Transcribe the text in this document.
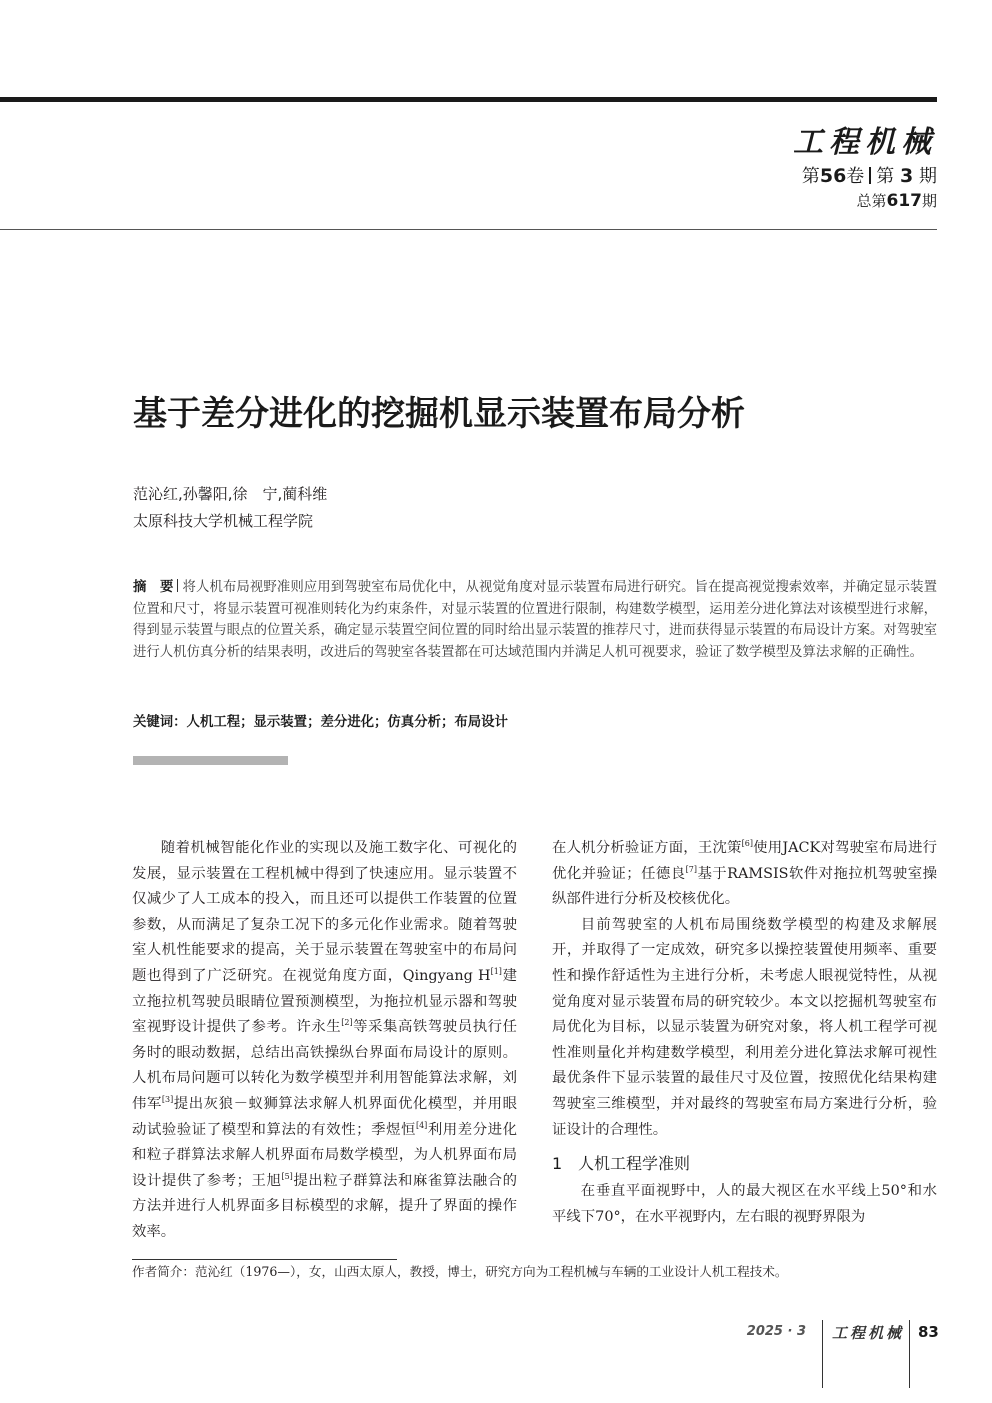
工程机械
第56卷 第 3 期
总第617期
基于差分进化的挖掘机显示装置布局分析
范沁红,孙馨阳,徐　宁,蔺科维
太原科技大学机械工程学院
摘　要 将人机布局视野准则应用到驾驶室布局优化中，从视觉角度对显示装置布局进行研究。旨在提高视觉搜索效率，并确定显示装置位置和尺寸，将显示装置可视准则转化为约束条件，对显示装置的位置进行限制，构建数学模型，运用差分进化算法对该模型进行求解，得到显示装置与眼点的位置关系，确定显示装置空间位置的同时给出显示装置的推荐尺寸，进而获得显示装置的布局设计方案。对驾驶室进行人机仿真分析的结果表明，改进后的驾驶室各装置都在可达域范围内并满足人机可视要求，验证了数学模型及算法求解的正确性。
关键词：人机工程；显示装置；差分进化；仿真分析；布局设计

随着机械智能化作业的实现以及施工数字化、可视化的发展，显示装置在工程机械中得到了快速应用。显示装置不仅减少了人工成本的投入，而且还可以提供工作装置的位置参数，从而满足了复杂工况下的多元化作业需求。随着驾驶室人机性能要求的提高，关于显示装置在驾驶室中的布局问题也得到了广泛研究。在视觉角度方面，Qingyang H[1]建立拖拉机驾驶员眼睛位置预测模型，为拖拉机显示器和驾驶室视野设计提供了参考。许永生[2]等采集高铁驾驶员执行任务时的眼动数据，总结出高铁操纵台界面布局设计的原则。人机布局问题可以转化为数学模型并利用智能算法求解，刘伟军[3]提出灰狼－蚁狮算法求解人机界面优化模型，并用眼动试验验证了模型和算法的有效性；季煜恒[4]利用差分进化和粒子群算法求解人机界面布局数学模型，为人机界面布局设计提供了参考；王旭[5]提出粒子群算法和麻雀算法融合的方法并进行人机界面多目标模型的求解，提升了界面的操作效率。

在人机分析验证方面，王沈策[6]使用JACK对驾驶室布局进行优化并验证；任德良[7]基于RAMSIS软件对拖拉机驾驶室操纵部件进行分析及校核优化。

目前驾驶室的人机布局围绕数学模型的构建及求解展开，并取得了一定成效，研究多以操控装置使用频率、重要性和操作舒适性为主进行分析，未考虑人眼视觉特性，从视觉角度对显示装置布局的研究较少。本文以挖掘机驾驶室布局优化为目标，以显示装置为研究对象，将人机工程学可视性准则量化并构建数学模型，利用差分进化算法求解可视性最优条件下显示装置的最佳尺寸及位置，按照优化结果构建驾驶室三维模型，并对最终的驾驶室布局方案进行分析，验证设计的合理性。

1 人机工程学准则

在垂直平面视野中，人的最大视区在水平线上50°和水平线下70°，在水平视野内，左右眼的视野界限为

作者简介：范沁红（1976—），女，山西太原人，教授，博士，研究方向为工程机械与车辆的工业设计人机工程技术。
2025 · 3 工程机械 83
